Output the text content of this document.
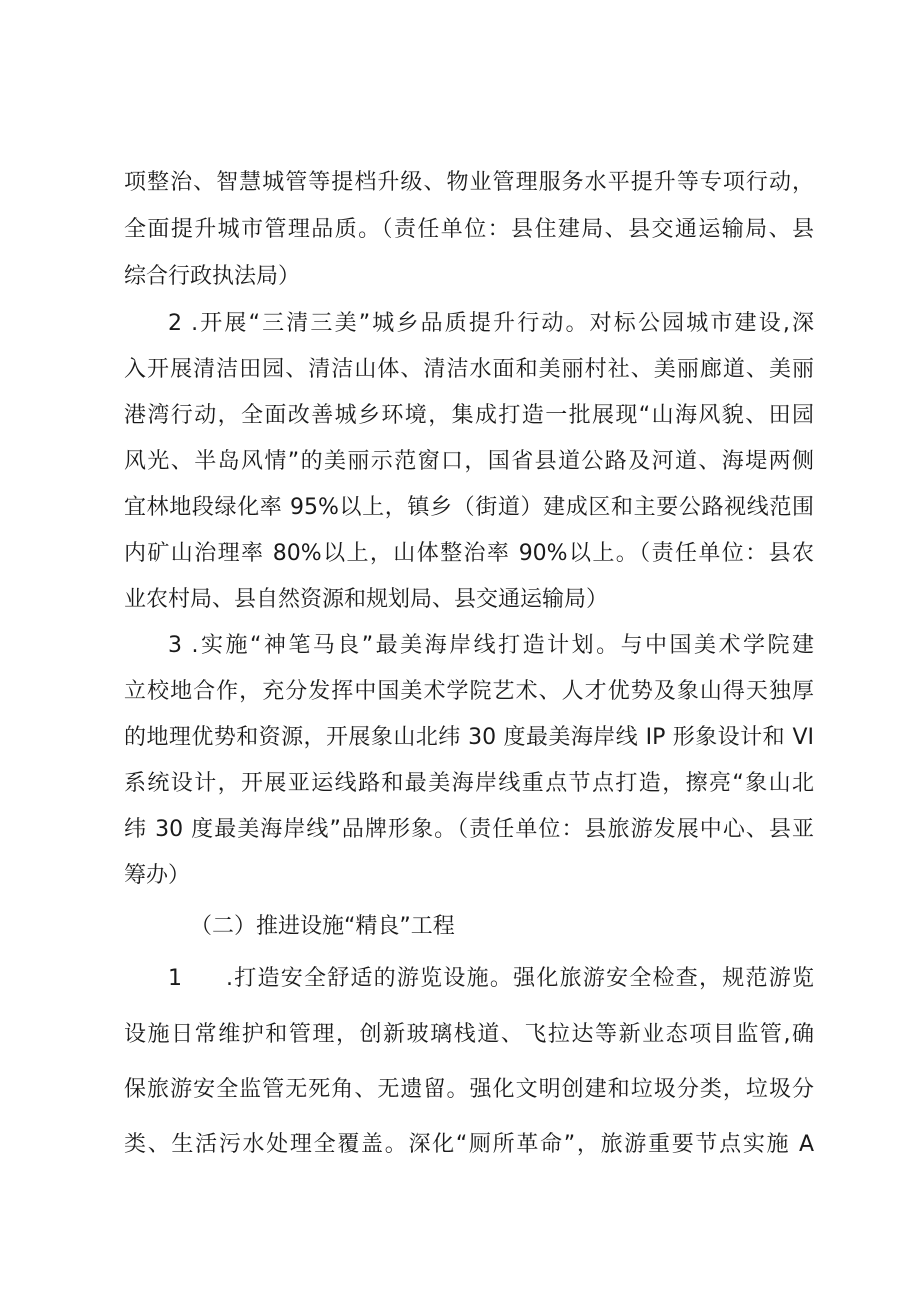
项整治、智慧城管等提档升级、物业管理服务水平提升等专项行动，
全面提升城市管理品质。（责任单位：县住建局、县交通运输局、县
综合行政执法局）
2 .开展“三清三美”城乡品质提升行动。对标公园城市建设,深
入开展清洁田园、清洁山体、清洁水面和美丽村社、美丽廊道、美丽
港湾行动，全面改善城乡环境，集成打造一批展现“山海风貌、田园
风光、半岛风情”的美丽示范窗口，国省县道公路及河道、海堤两侧
宜林地段绿化率 95%以上，镇乡（街道）建成区和主要公路视线范围
内矿山治理率 80%以上，山体整治率 90%以上。（责任单位：县农
业农村局、县自然资源和规划局、县交通运输局）
3 .实施“神笔马良”最美海岸线打造计划。与中国美术学院建
立校地合作，充分发挥中国美术学院艺术、人才优势及象山得天独厚
的地理优势和资源，开展象山北纬 30 度最美海岸线 IP 形象设计和 VI
系统设计，开展亚运线路和最美海岸线重点节点打造，擦亮“象山北
纬 30 度最美海岸线”品牌形象。（责任单位：县旅游发展中心、县亚
筹办）
（二）推进设施“精良”工程
1 .打造安全舒适的游览设施。强化旅游安全检查，规范游览
设施日常维护和管理，创新玻璃栈道、飞拉达等新业态项目监管,确
保旅游安全监管无死角、无遗留。强化文明创建和垃圾分类，垃圾分
类、生活污水处理全覆盖。深化“厕所革命”，旅游重要节点实施 A
